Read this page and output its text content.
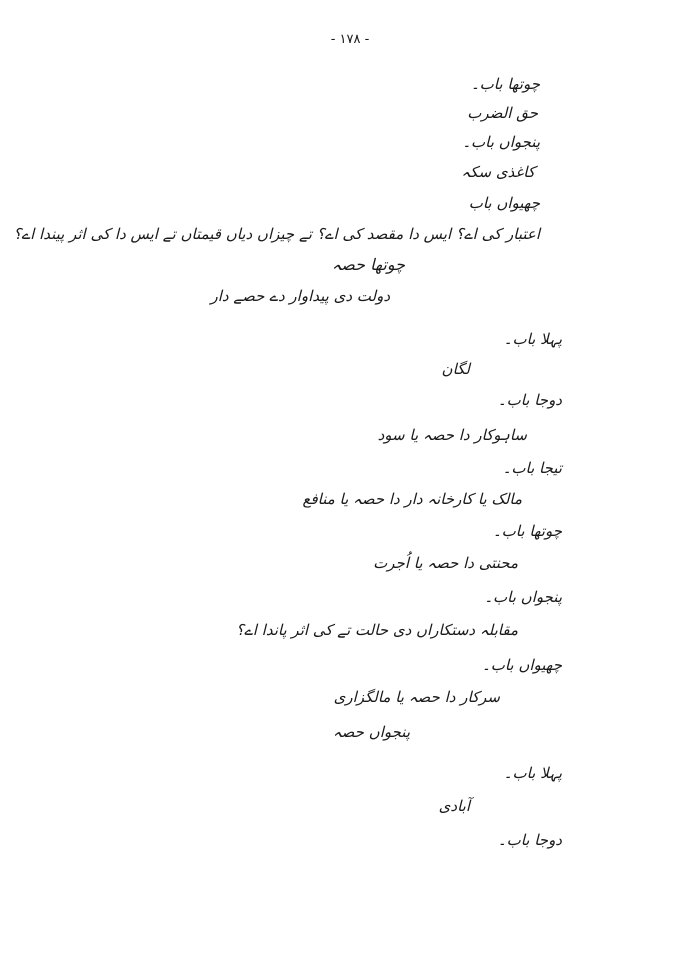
- ۱۷۸ -
چوتھا باب۔
حق الضرب
پنجواں باب۔
کاغذی سکہ
چھیواں باب
اعتبار کی اے؟ ایس دا مقصد کی اے؟ تے چیزاں دیاں قیمتاں تے ایس دا کی اثر پیندا اے؟
چوتھا حصہ
دولت دی پیداوار دے حصے دار
پہلا باب۔
لگان
دوجا باب۔
ساہوکار دا حصہ یا سود
تیجا باب۔
مالک یا کارخانہ دار دا حصہ یا منافع
چوتھا باب۔
محنتی دا حصہ یا اُجرت
پنجواں باب۔
مقابلہ دستکاراں دی حالت تے کی اثر پاندا اے؟
چھیواں باب۔
سرکار دا حصہ یا مالگزاری
پنجواں حصہ
پہلا باب۔
آبادی
دوجا باب۔
